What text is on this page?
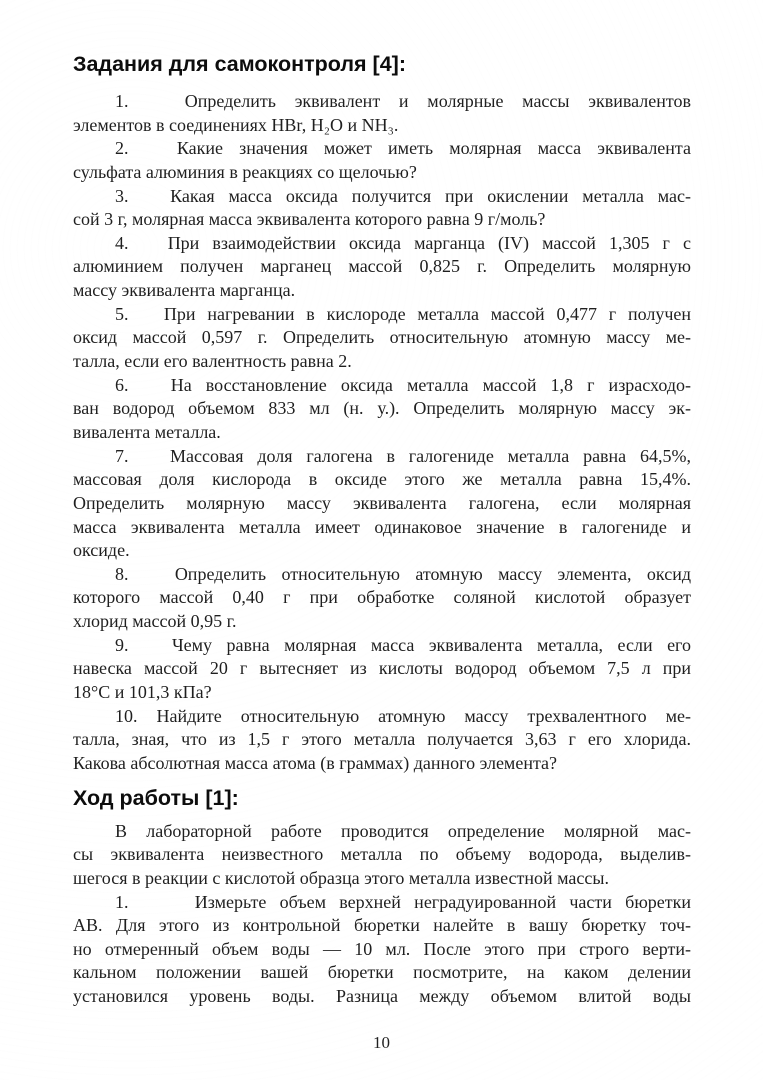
Задания для самоконтроля [4]:
1.   Определить эквивалент и молярные массы эквивалентов
элементов в соединениях HBr, H₂O и NH₃.
2.   Какие значения может иметь молярная масса эквивалента
сульфата алюминия в реакциях со щелочью?
3.   Какая масса оксида получится при окислении металла мас-
сой 3 г, молярная масса эквивалента которого равна 9 г/моль?
4.   При взаимодействии оксида марганца (IV) массой 1,305 г с
алюминием получен марганец массой 0,825 г. Определить молярную
массу эквивалента марганца.
5.   При нагревании в кислороде металла массой 0,477 г получен
оксид массой 0,597 г. Определить относительную атомную массу ме-
талла, если его валентность равна 2.
6.   На восстановление оксида металла массой 1,8 г израсходо-
ван водород объемом 833 мл (н. у.). Определить молярную массу эк-
вивалента металла.
7.   Массовая доля галогена в галогениде металла равна 64,5%,
массовая доля кислорода в оксиде этого же металла равна 15,4%.
Определить молярную массу эквивалента галогена, если молярная
масса эквивалента металла имеет одинаковое значение в галогениде и
оксиде.
8.   Определить относительную атомную массу элемента, оксид
которого массой 0,40 г при обработке соляной кислотой образует
хлорид массой 0,95 г.
9.   Чему равна молярная масса эквивалента металла, если его
навеска массой 20 г вытесняет из кислоты водород объемом 7,5 л при
18°С и 101,3 кПа?
10. Найдите относительную атомную массу трехвалентного ме-
талла, зная, что из 1,5 г этого металла получается 3,63 г его хлорида.
Какова абсолютная масса атома (в граммах) данного элемента?
Ход работы [1]:
В лабораторной работе проводится определение молярной мас-
сы эквивалента неизвестного металла по объему водорода, выделив-
шегося в реакции с кислотой образца этого металла известной массы.
1.     Измерьте объем верхней неградуированной части бюретки
АВ. Для этого из контрольной бюретки налейте в вашу бюретку точ-
но отмеренный объем воды — 10 мл. После этого при строго верти-
кальном положении вашей бюретки посмотрите, на каком делении
установился уровень воды. Разница между объемом влитой воды
10
